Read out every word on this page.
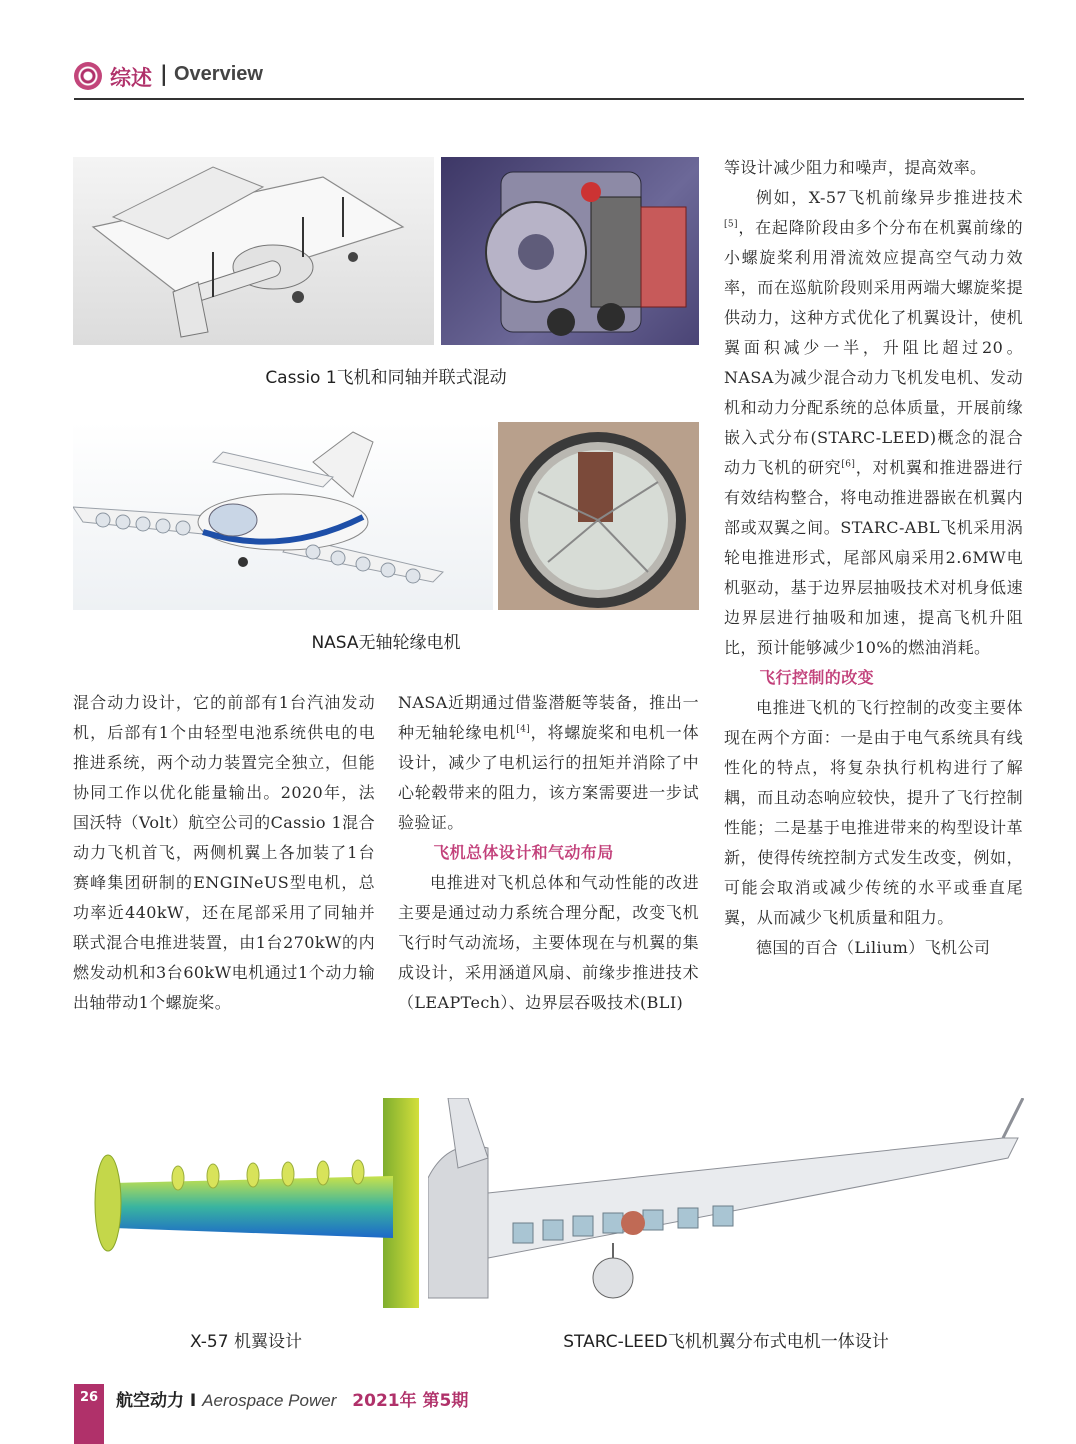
综述 | Overview
Cassio 1飞机和同轴并联式混动
NASA无轴轮缘电机

混合动力设计，它的前部有1台汽油发动机，后部有1个由轻型电池系统供电的电推进系统，两个动力装置完全独立，但能协同工作以优化能量输出。2020年，法国沃特（Volt）航空公司的Cassio 1混合动力飞机首飞，两侧机翼上各加装了1台赛峰集团研制的ENGINeUS型电机，总功率近440kW，还在尾部采用了同轴并联式混合电推进装置，由1台270kW的内燃发动机和3台60kW电机通过1个动力输出轴带动1个螺旋桨。

NASA近期通过借鉴潜艇等装备，推出一种无轴轮缘电机[4]，将螺旋桨和电机一体设计，减少了电机运行的扭矩并消除了中心轮毂带来的阻力，该方案需要进一步试验验证。

飞机总体设计和气动布局

电推进对飞机总体和气动性能的改进主要是通过动力系统合理分配，改变飞机飞行时气动流场，主要体现在与机翼的集成设计，采用涵道风扇、前缘步推进技术（LEAPTech）、边界层吞吸技术(BLI)

等设计减少阻力和噪声，提高效率。

例如，X-57飞机前缘异步推进技术[5]，在起降阶段由多个分布在机翼前缘的小螺旋桨利用滑流效应提高空气动力效率，而在巡航阶段则采用两端大螺旋桨提供动力，这种方式优化了机翼设计，使机翼面积减少一半，升阻比超过20。NASA为减少混合动力飞机发电机、发动机和动力分配系统的总体质量，开展前缘嵌入式分布(STARC-LEED)概念的混合动力飞机的研究[6]，对机翼和推进器进行有效结构整合，将电动推进器嵌在机翼内部或双翼之间。STARC-ABL飞机采用涡轮电推进形式，尾部风扇采用2.6MW电机驱动，基于边界层抽吸技术对机身低速边界层进行抽吸和加速，提高飞机升阻比，预计能够减少10%的燃油消耗。

飞行控制的改变

电推进飞机的飞行控制的改变主要体现在两个方面：一是由于电气系统具有线性化的特点，将复杂执行机构进行了解耦，而且动态响应较快，提升了飞行控制性能；二是基于电推进带来的构型设计革新，使得传统控制方式发生改变，例如，可能会取消或减少传统的水平或垂直尾翼，从而减少飞机质量和阻力。

德国的百合（Lilium）飞机公司

X-57 机翼设计	STARC-LEED飞机机翼分布式电机一体设计
26	航空动力 I Aerospace Power 2021年 第5期
